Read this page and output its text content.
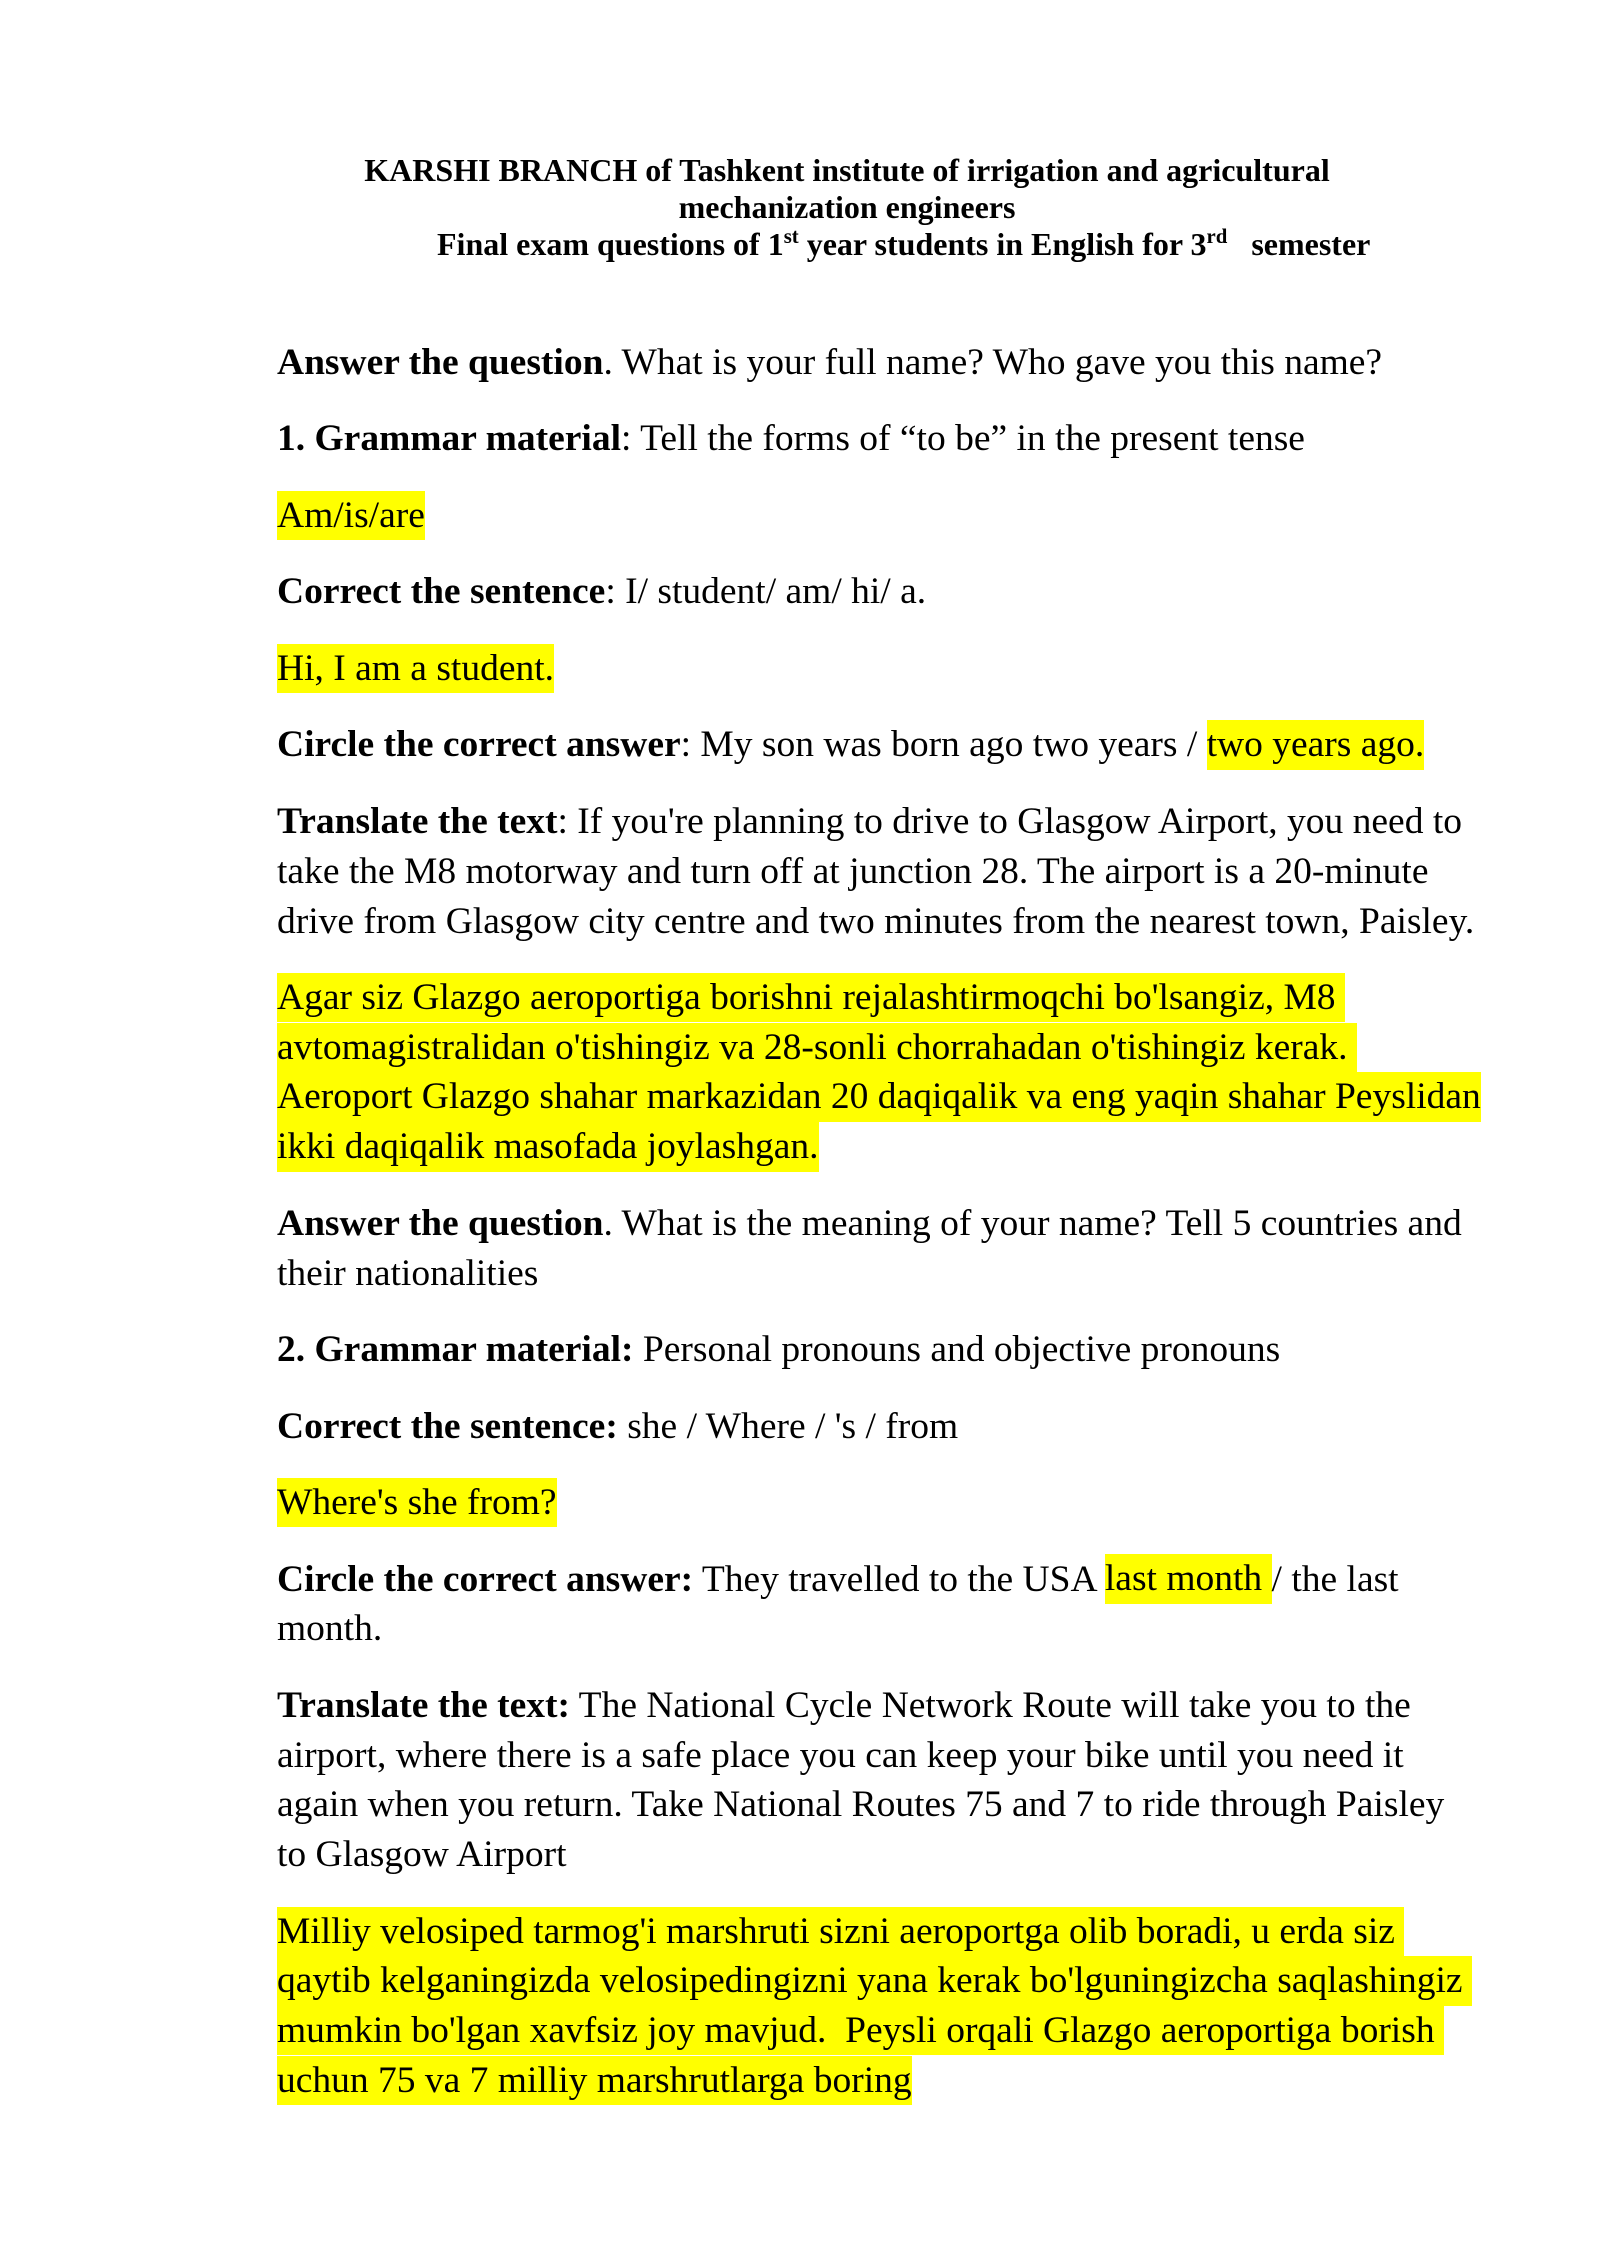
KARSHI BRANCH of Tashkent institute of irrigation and agricultural
mechanization engineers
Final exam questions of 1st year students in English for 3rd   semester
Answer the question. What is your full name? Who gave you this name?
1. Grammar material: Tell the forms of “to be” in the present tense
Am/is/are
Correct the sentence: I/ student/ am/ hi/ a.
Hi, I am a student.
Circle the correct answer: My son was born ago two years / two years ago.
Translate the text: If you're planning to drive to Glasgow Airport, you need to
take the M8 motorway and turn off at junction 28. The airport is a 20-minute
drive from Glasgow city centre and two minutes from the nearest town, Paisley.
Agar siz Glazgo aeroportiga borishni rejalashtirmoqchi bo'lsangiz, M8
avtomagistralidan o'tishingiz va 28-sonli chorrahadan o'tishingiz kerak.
Aeroport Glazgo shahar markazidan 20 daqiqalik va eng yaqin shahar Peyslidan
ikki daqiqalik masofada joylashgan.
Answer the question. What is the meaning of your name? Tell 5 countries and
their nationalities
2. Grammar material: Personal pronouns and objective pronouns
Correct the sentence: she / Where / 's / from
Where's she from?
Circle the correct answer: They travelled to the USA last month / the last
month.
Translate the text: The National Cycle Network Route will take you to the
airport, where there is a safe place you can keep your bike until you need it
again when you return. Take National Routes 75 and 7 to ride through Paisley
to Glasgow Airport
Milliy velosiped tarmog'i marshruti sizni aeroportga olib boradi, u erda siz
qaytib kelganingizda velosipedingizni yana kerak bo'lguningizcha saqlashingiz
mumkin bo'lgan xavfsiz joy mavjud.  Peysli orqali Glazgo aeroportiga borish
uchun 75 va 7 milliy marshrutlarga boring
